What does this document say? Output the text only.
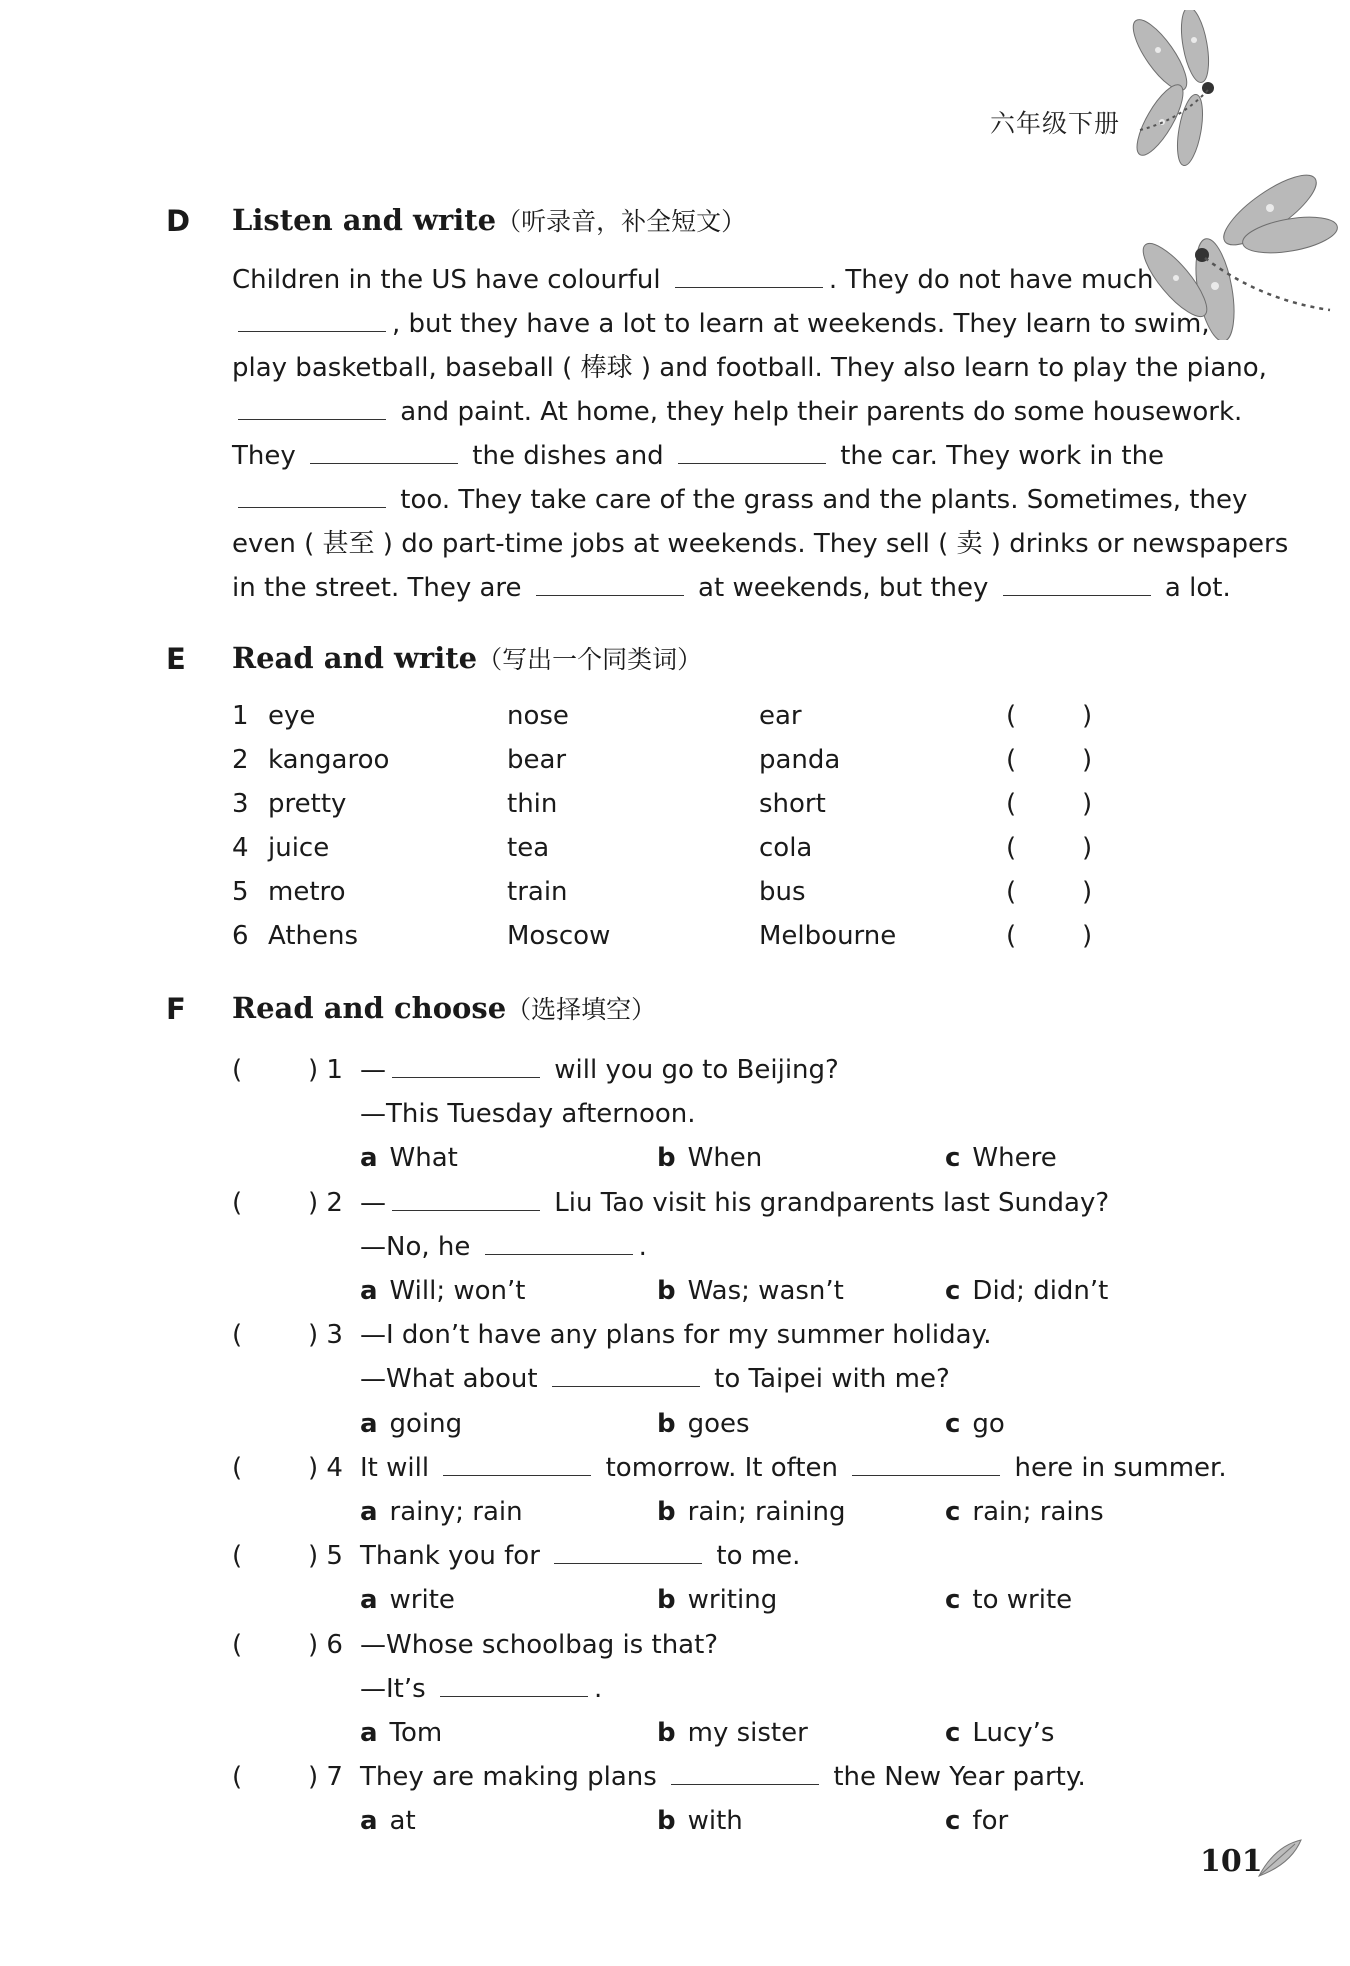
六年级下册
D Listen and write（听录音，补全短文）
Children in the US have colourful	. They do not have much
, but they have a lot to learn at weekends. They learn to swim,
play basketball, baseball ( 棒球 ) and football. They also learn to play the piano,
and paint. At home, they help their parents do some housework.
They	the dishes and	the car. They work in the
too. They take care of the grass and the plants. Sometimes, they
even ( 甚至 ) do part-time jobs at weekends. They sell ( 卖 ) drinks or newspapers
in the street. They are	at weekends, but they	a lot.
E Read and write（写出一个同类词）
1 eye	nose	ear	(	)
2 kangaroo	bear	panda	(	)
3 pretty	thin	short	(	)
4 juice	tea	cola	(	)
5 metro	train	bus	(	)
6 Athens	Moscow	Melbourne	(	)
F Read and choose（选择填空）
(	) 1 —	will you go to Beijing?
—This Tuesday afternoon.
a What	b When	c Where
(	) 2 —	Liu Tao visit his grandparents last Sunday?
—No, he	.
a Will; won’t	b Was; wasn’t	c Did; didn’t
(	) 3 —I don’t have any plans for my summer holiday.
—What about	to Taipei with me?
a going	b goes	c go
(	) 4 It will	tomorrow. It often	here in summer.
a rainy; rain	b rain; raining	c rain; rains
(	) 5 Thank you for	to me.
a write	b writing	c to write
(	) 6 —Whose schoolbag is that?
—It’s	.
a Tom	b my sister	c Lucy’s
(	) 7 They are making plans	the New Year party.
a at	b with	c for
101
